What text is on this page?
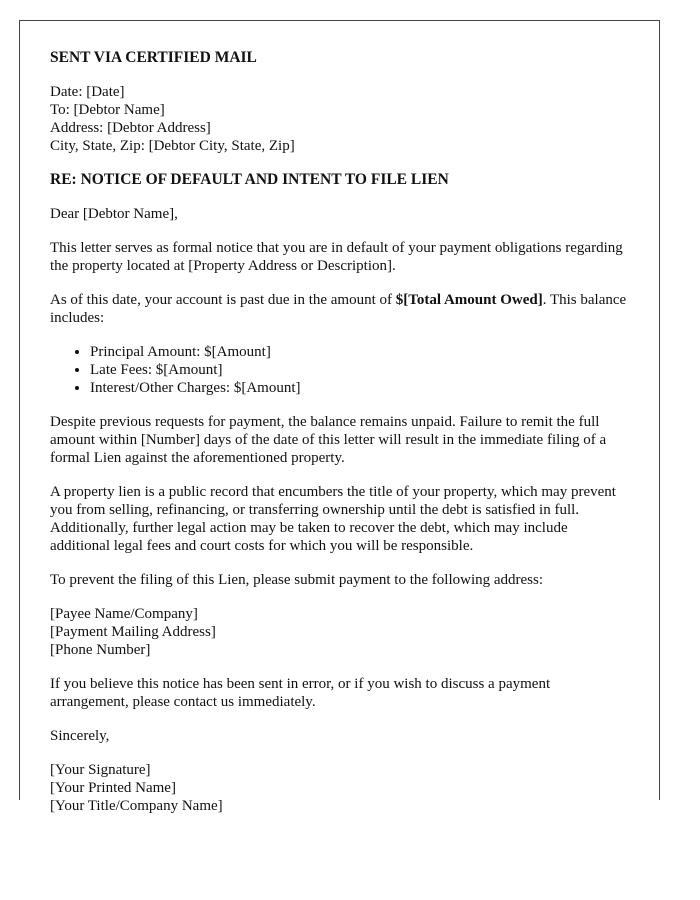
SENT VIA CERTIFIED MAIL

Date: [Date]
To: [Debtor Name]
Address: [Debtor Address]
City, State, Zip: [Debtor City, State, Zip]

RE: NOTICE OF DEFAULT AND INTENT TO FILE LIEN

Dear [Debtor Name],

This letter serves as formal notice that you are in default of your payment obligations regarding the property located at [Property Address or Description].

As of this date, your account is past due in the amount of $[Total Amount Owed]. This balance includes:

• Principal Amount: $[Amount]
• Late Fees: $[Amount]
• Interest/Other Charges: $[Amount]

Despite previous requests for payment, the balance remains unpaid. Failure to remit the full amount within [Number] days of the date of this letter will result in the immediate filing of a formal Lien against the aforementioned property.

A property lien is a public record that encumbers the title of your property, which may prevent you from selling, refinancing, or transferring ownership until the debt is satisfied in full. Additionally, further legal action may be taken to recover the debt, which may include additional legal fees and court costs for which you will be responsible.

To prevent the filing of this Lien, please submit payment to the following address:

[Payee Name/Company]
[Payment Mailing Address]
[Phone Number]

If you believe this notice has been sent in error, or if you wish to discuss a payment arrangement, please contact us immediately.

Sincerely,

[Your Signature]
[Your Printed Name]
[Your Title/Company Name]
